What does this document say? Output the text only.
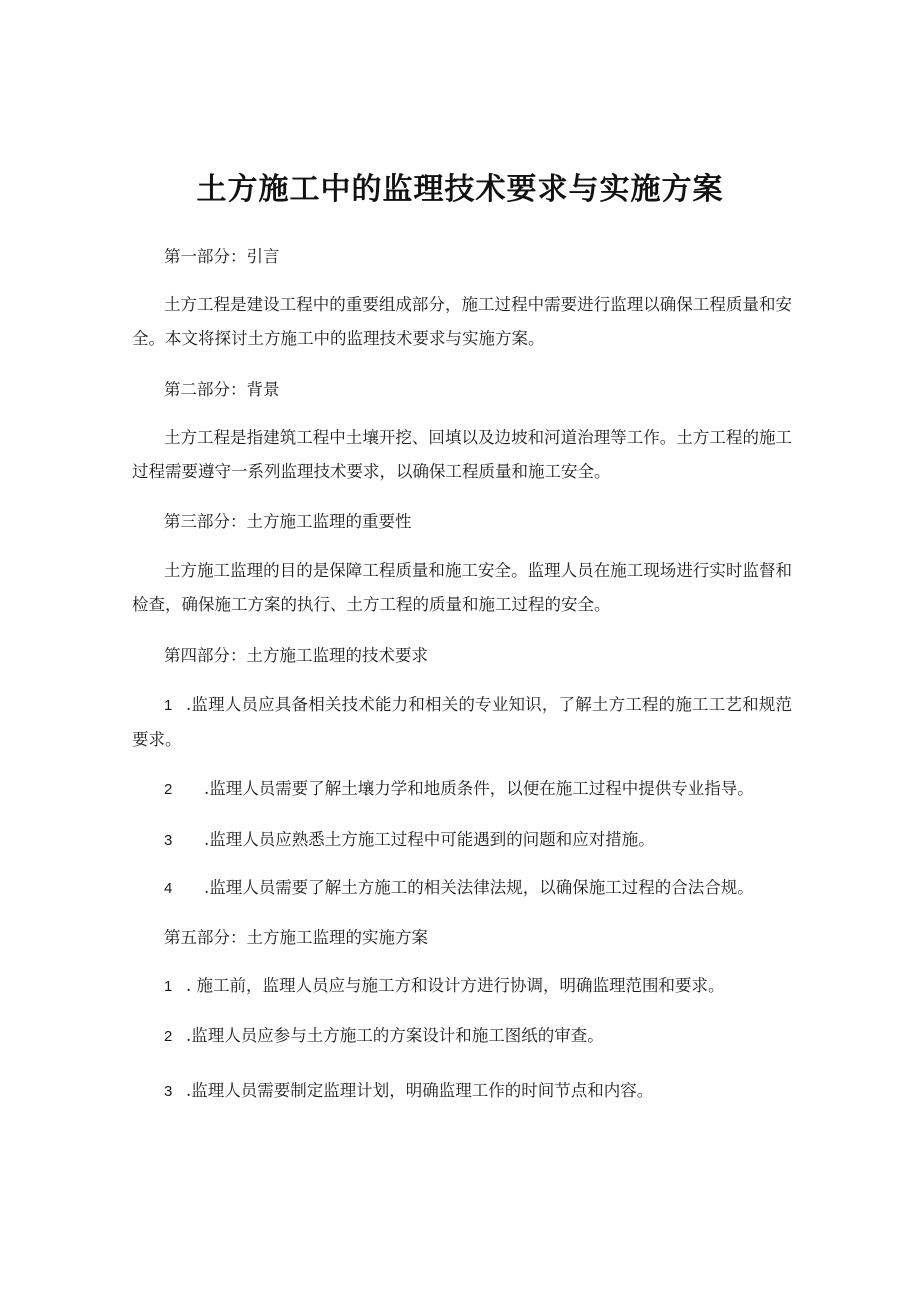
土方施工中的监理技术要求与实施方案
第一部分：引言
土方工程是建设工程中的重要组成部分，施工过程中需要进行监理以确保工程质量和安全。本文将探讨土方施工中的监理技术要求与实施方案。
第二部分：背景
土方工程是指建筑工程中土壤开挖、回填以及边坡和河道治理等工作。土方工程的施工过程需要遵守一系列监理技术要求，以确保工程质量和施工安全。
第三部分：土方施工监理的重要性
土方施工监理的目的是保障工程质量和施工安全。监理人员在施工现场进行实时监督和检查，确保施工方案的执行、土方工程的质量和施工过程的安全。
第四部分：土方施工监理的技术要求
1 .监理人员应具备相关技术能力和相关的专业知识，了解土方工程的施工工艺和规范要求。
2 .监理人员需要了解土壤力学和地质条件，以便在施工过程中提供专业指导。
3 .监理人员应熟悉土方施工过程中可能遇到的问题和应对措施。
4 .监理人员需要了解土方施工的相关法律法规，以确保施工过程的合法合规。
第五部分：土方施工监理的实施方案
1 . 施工前，监理人员应与施工方和设计方进行协调，明确监理范围和要求。
2 .监理人员应参与土方施工的方案设计和施工图纸的审查。
3 .监理人员需要制定监理计划，明确监理工作的时间节点和内容。
